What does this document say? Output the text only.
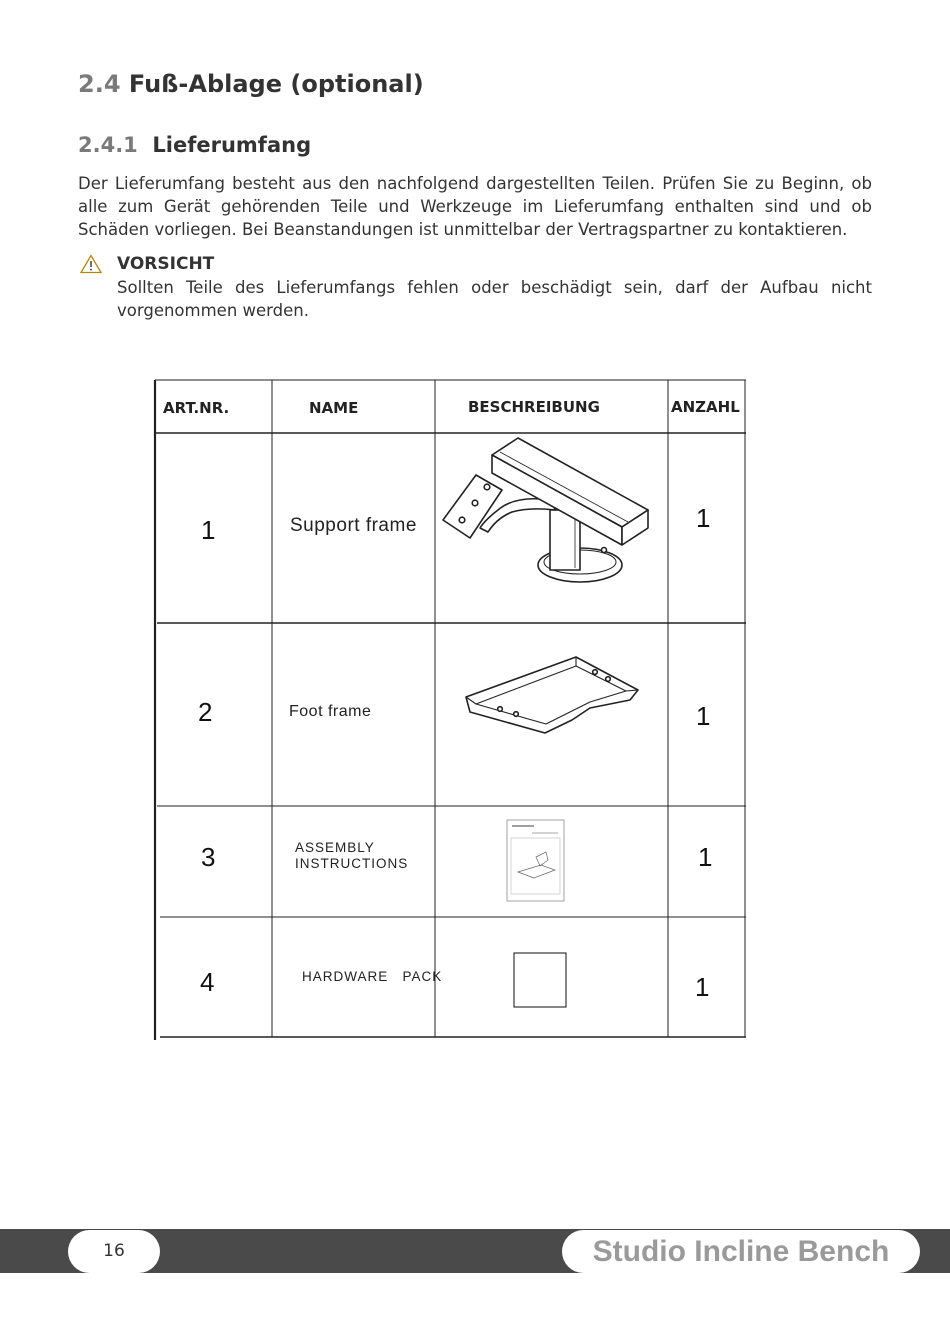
2.4 Fuß-Ablage (optional)
2.4.1 Lieferumfang

Der Lieferumfang besteht aus den nachfolgend dargestellten Teilen. Prüfen Sie zu Beginn, ob alle zum Gerät gehörenden Teile und Werkzeuge im Lieferumfang enthalten sind und ob Schäden vorliegen. Bei Beanstandungen ist unmittelbar der Vertragspartner zu kontaktieren.

VORSICHT

Sollten Teile des Lieferumfangs fehlen oder beschädigt sein, darf der Aufbau nicht vorgenommen werden.

ART.NR.	NAME	BESCHREIBUNG	ANZAHL
1	Support frame	1
2	Foot frame	1
3	ASSEMBLY INSTRUCTIONS	1
4	HARDWARE   PACK	1
16	Studio Incline Bench
